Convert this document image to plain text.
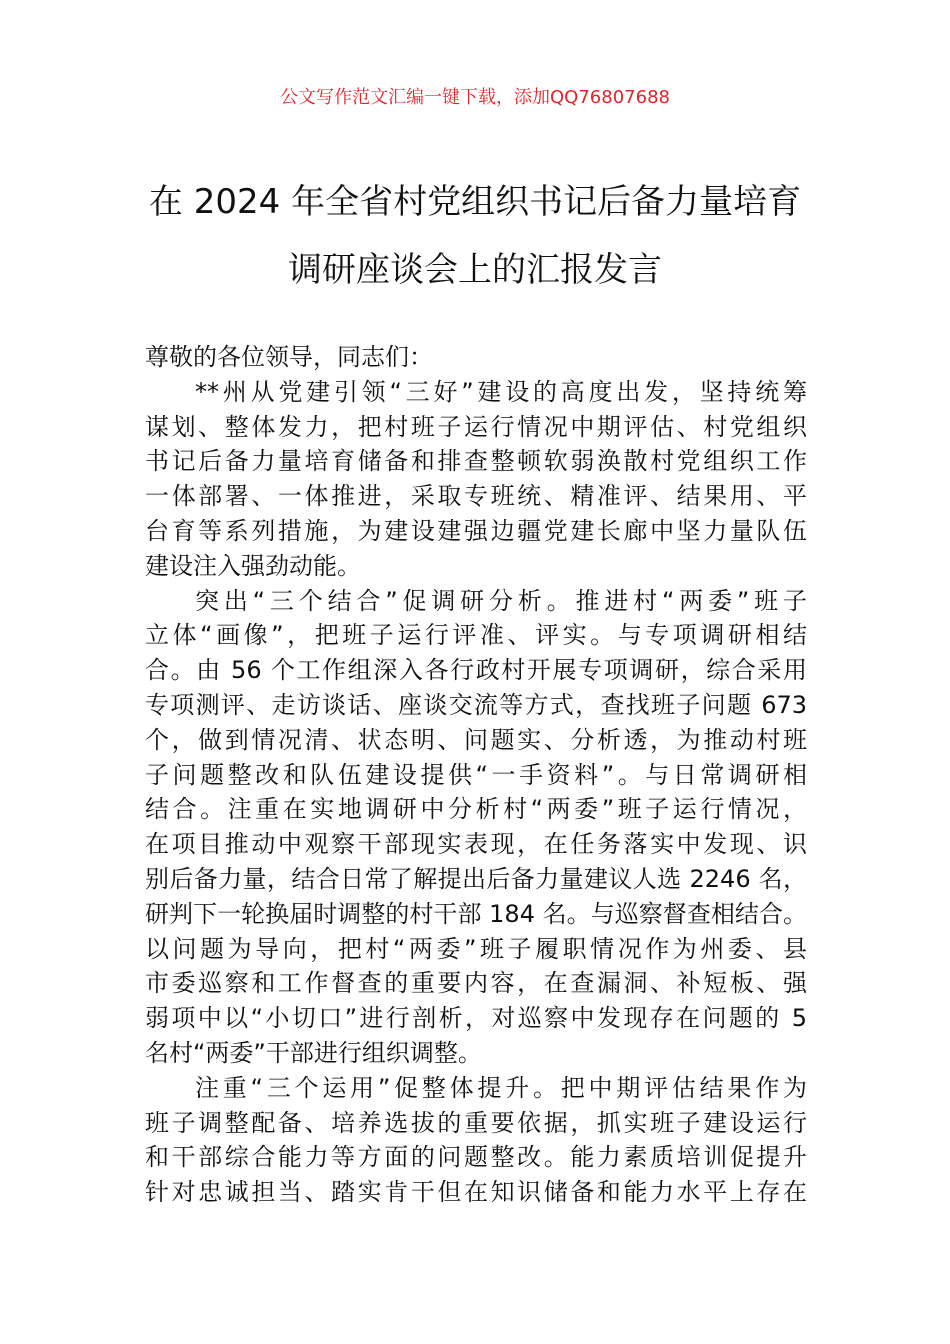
公文写作范文汇编一键下载，添加QQ76807688
在 2024 年全省村党组织书记后备力量培育
调研座谈会上的汇报发言
尊敬的各位领导，同志们：
**州从党建引领“三好”建设的高度出发，坚持统筹
谋划、整体发力，把村班子运行情况中期评估、村党组织
书记后备力量培育储备和排查整顿软弱涣散村党组织工作
一体部署、一体推进，采取专班统、精准评、结果用、平
台育等系列措施，为建设建强边疆党建长廊中坚力量队伍
建设注入强劲动能。
突出“三个结合”促调研分析。推进村“两委”班子
立体“画像”，把班子运行评准、评实。与专项调研相结
合。由 56 个工作组深入各行政村开展专项调研，综合采用
专项测评、走访谈话、座谈交流等方式，查找班子问题 673
个，做到情况清、状态明、问题实、分析透，为推动村班
子问题整改和队伍建设提供“一手资料”。与日常调研相
结合。注重在实地调研中分析村“两委”班子运行情况，
在项目推动中观察干部现实表现，在任务落实中发现、识
别后备力量，结合日常了解提出后备力量建议人选 2246 名，
研判下一轮换届时调整的村干部 184 名。与巡察督查相结合。
以问题为导向，把村“两委”班子履职情况作为州委、县
市委巡察和工作督查的重要内容，在查漏洞、补短板、强
弱项中以“小切口”进行剖析，对巡察中发现存在问题的 5
名村“两委”干部进行组织调整。
注重“三个运用”促整体提升。把中期评估结果作为
班子调整配备、培养选拔的重要依据，抓实班子建设运行
和干部综合能力等方面的问题整改。能力素质培训促提升
针对忠诚担当、踏实肯干但在知识储备和能力水平上存在
